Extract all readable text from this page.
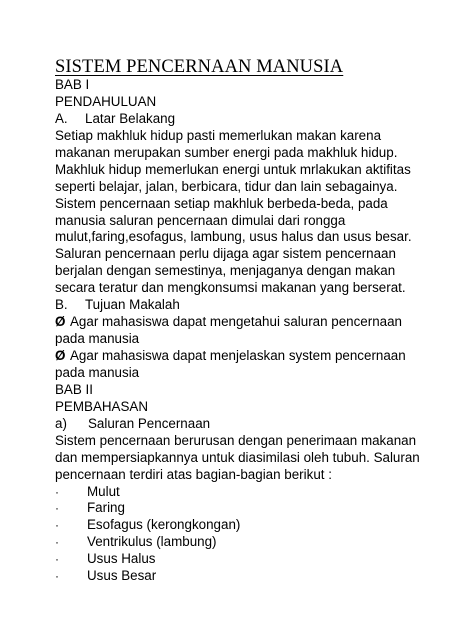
SISTEM PENCERNAAN MANUSIA
BAB I
PENDAHULUAN
A. Latar Belakang
Setiap makhluk hidup pasti memerlukan makan karena
makanan merupakan sumber energi pada makhluk hidup.
Makhluk hidup memerlukan energi untuk mrlakukan aktifitas
seperti belajar, jalan, berbicara, tidur dan lain sebagainya.
Sistem pencernaan setiap makhluk berbeda-beda, pada
manusia saluran pencernaan dimulai dari rongga
mulut,faring,esofagus, lambung, usus halus dan usus besar.
Saluran pencernaan perlu dijaga agar sistem pencernaan
berjalan dengan semestinya, menjaganya dengan makan
secara teratur dan mengkonsumsi makanan yang berserat.
B. Tujuan Makalah
Ø Agar mahasiswa dapat mengetahui saluran pencernaan
pada manusia
Ø Agar mahasiswa dapat menjelaskan system pencernaan
pada manusia
BAB II
PEMBAHASAN
a) Saluran Pencernaan
Sistem pencernaan berurusan dengan penerimaan makanan
dan mempersiapkannya untuk diasimilasi oleh tubuh. Saluran
pencernaan terdiri atas bagian-bagian berikut :
· Mulut
· Faring
· Esofagus (kerongkongan)
· Ventrikulus (lambung)
· Usus Halus
· Usus Besar
